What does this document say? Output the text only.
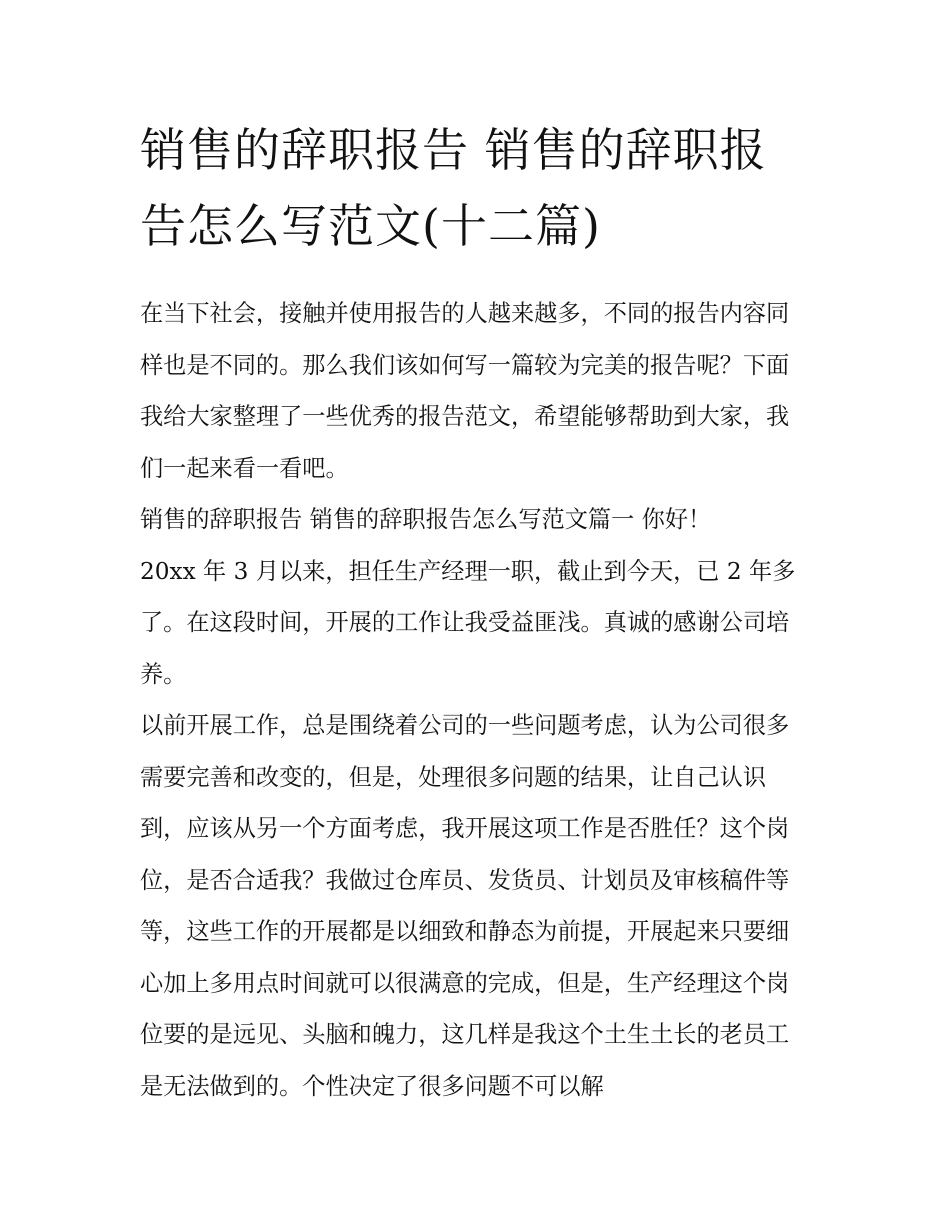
销售的辞职报告 销售的辞职报告怎么写范文(十二篇)

在当下社会，接触并使用报告的人越来越多，不同的报告内容同样也是不同的。那么我们该如何写一篇较为完美的报告呢？下面我给大家整理了一些优秀的报告范文，希望能够帮助到大家，我们一起来看一看吧。

销售的辞职报告 销售的辞职报告怎么写范文篇一 你好！

20xx 年 3 月以来，担任生产经理一职，截止到今天，已 2 年多了。在这段时间，开展的工作让我受益匪浅。真诚的感谢公司培养。

以前开展工作，总是围绕着公司的一些问题考虑，认为公司很多需要完善和改变的，但是，处理很多问题的结果，让自己认识到，应该从另一个方面考虑，我开展这项工作是否胜任？这个岗位，是否合适我？我做过仓库员、发货员、计划员及审核稿件等等，这些工作的开展都是以细致和静态为前提，开展起来只要细心加上多用点时间就可以很满意的完成，但是，生产经理这个岗位要的是远见、头脑和魄力，这几样是我这个土生土长的老员工是无法做到的。个性决定了很多问题不可以解
